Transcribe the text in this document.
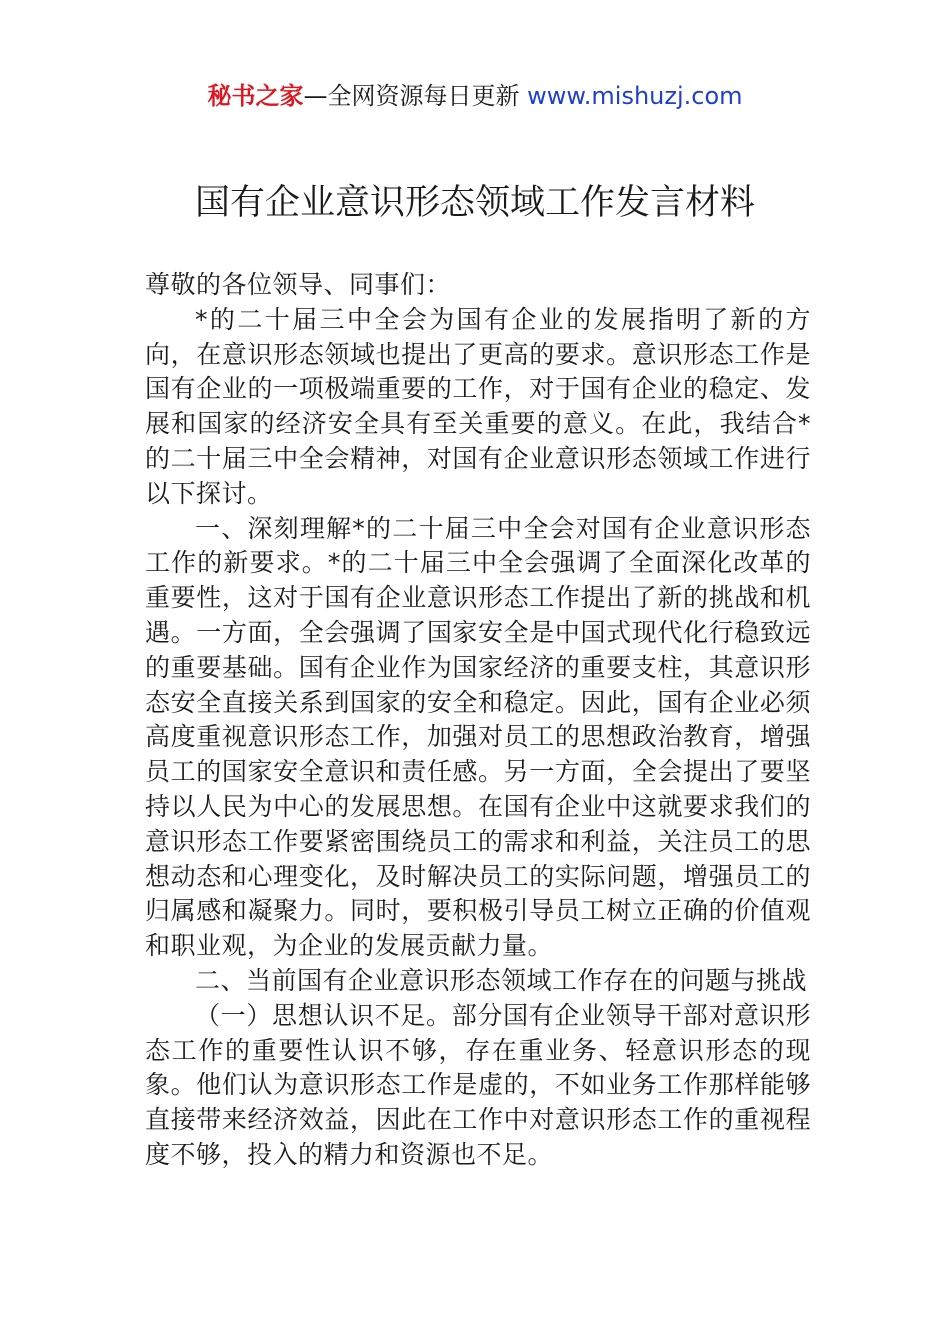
秘书之家—全网资源每日更新 www.mishuzj.com
国有企业意识形态领域工作发言材料

尊敬的各位领导、同事们：

*的二十届三中全会为国有企业的发展指明了新的方向，在意识形态领域也提出了更高的要求。意识形态工作是国有企业的一项极端重要的工作，对于国有企业的稳定、发展和国家的经济安全具有至关重要的意义。在此，我结合*的二十届三中全会精神，对国有企业意识形态领域工作进行以下探讨。

一、深刻理解*的二十届三中全会对国有企业意识形态工作的新要求。*的二十届三中全会强调了全面深化改革的重要性，这对于国有企业意识形态工作提出了新的挑战和机遇。一方面，全会强调了国家安全是中国式现代化行稳致远的重要基础。国有企业作为国家经济的重要支柱，其意识形态安全直接关系到国家的安全和稳定。因此，国有企业必须高度重视意识形态工作，加强对员工的思想政治教育，增强员工的国家安全意识和责任感。另一方面，全会提出了要坚持以人民为中心的发展思想。在国有企业中这就要求我们的意识形态工作要紧密围绕员工的需求和利益，关注员工的思想动态和心理变化，及时解决员工的实际问题，增强员工的归属感和凝聚力。同时，要积极引导员工树立正确的价值观和职业观，为企业的发展贡献力量。

二、当前国有企业意识形态领域工作存在的问题与挑战

（一）思想认识不足。部分国有企业领导干部对意识形态工作的重要性认识不够，存在重业务、轻意识形态的现象。他们认为意识形态工作是虚的，不如业务工作那样能够直接带来经济效益，因此在工作中对意识形态工作的重视程度不够，投入的精力和资源也不足。
